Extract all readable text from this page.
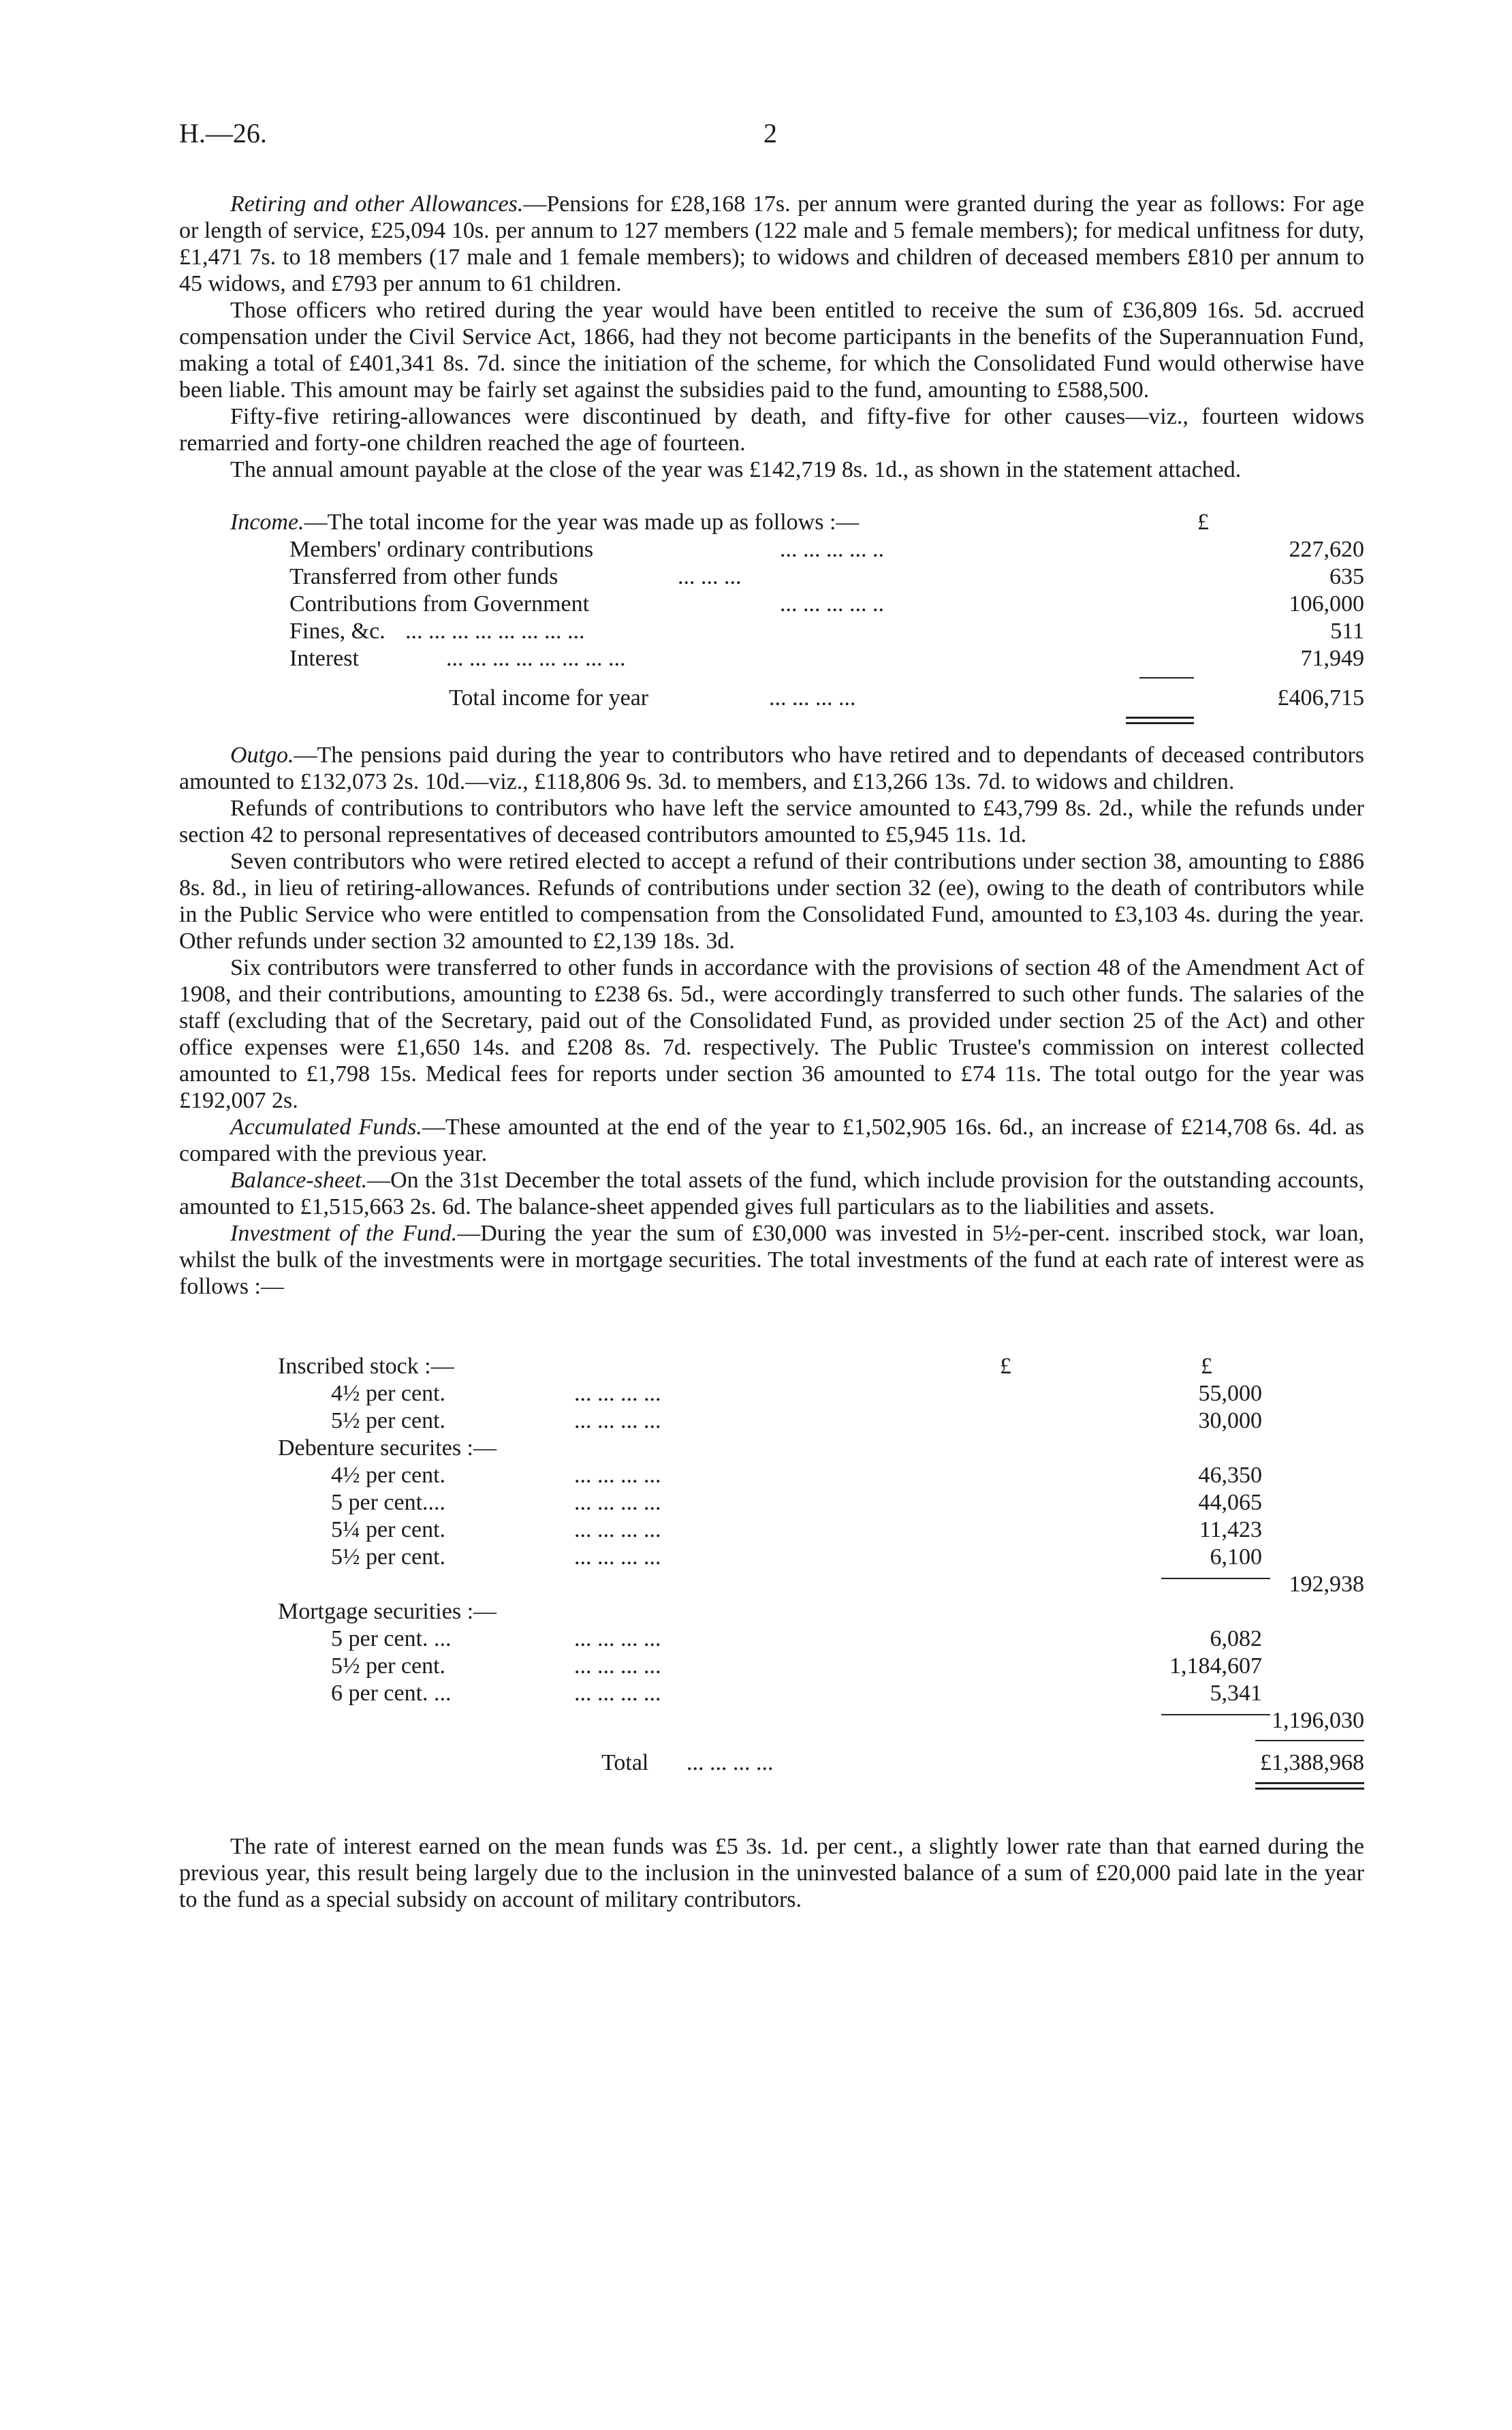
H.—26.	2

Retiring and other Allowances.—Pensions for £28,168 17s. per annum were granted during the year as follows: For age or length of service, £25,094 10s. per annum to 127 members (122 male and 5 female members); for medical unfitness for duty, £1,471 7s. to 18 members (17 male and 1 female members); to widows and children of deceased members £810 per annum to 45 widows, and £793 per annum to 61 children.

Those officers who retired during the year would have been entitled to receive the sum of £36,809 16s. 5d. accrued compensation under the Civil Service Act, 1866, had they not become participants in the benefits of the Superannuation Fund, making a total of £401,341 8s. 7d. since the initiation of the scheme, for which the Consolidated Fund would otherwise have been liable. This amount may be fairly set against the subsidies paid to the fund, amounting to £588,500.

Fifty-five retiring-allowances were discontinued by death, and fifty-five for other causes—viz., fourteen widows remarried and forty-one children reached the age of fourteen.

The annual amount payable at the close of the year was £142,719 8s. 1d., as shown in the statement attached.

Income. —The total income for the year was made up as follows :—	£
Members' ordinary contributions	... ... ... ... ..	227,620
Transferred from other funds	... ... ...	635
Contributions from Government	... ... ... ... ..	106,000
Fines, &c. ... ... ... ... ... ... ... ...	511
Interest	... ... ... ... ... ... ... ...	71,949
Total income for year	... ... ... ...	£406,715

Outgo.—The pensions paid during the year to contributors who have retired and to dependants of deceased contributors amounted to £132,073 2s. 10d.—viz., £118,806 9s. 3d. to members, and £13,266 13s. 7d. to widows and children.

Refunds of contributions to contributors who have left the service amounted to £43,799 8s. 2d., while the refunds under section 42 to personal representatives of deceased contributors amounted to £5,945 11s. 1d.

Seven contributors who were retired elected to accept a refund of their contributions under section 38, amounting to £886 8s. 8d., in lieu of retiring-allowances. Refunds of contributions under section 32 (ee), owing to the death of contributors while in the Public Service who were entitled to compensation from the Consolidated Fund, amounted to £3,103 4s. during the year. Other refunds under section 32 amounted to £2,139 18s. 3d.

Six contributors were transferred to other funds in accordance with the provisions of section 48 of the Amendment Act of 1908, and their contributions, amounting to £238 6s. 5d., were accordingly transferred to such other funds. The salaries of the staff (excluding that of the Secretary, paid out of the Consolidated Fund, as provided under section 25 of the Act) and other office expenses were £1,650 14s. and £208 8s. 7d. respectively. The Public Trustee's commission on interest collected amounted to £1,798 15s. Medical fees for reports under section 36 amounted to £74 11s. The total outgo for the year was £192,007 2s.

Accumulated Funds.—These amounted at the end of the year to £1,502,905 16s. 6d., an increase of £214,708 6s. 4d. as compared with the previous year.

Balance-sheet.—On the 31st December the total assets of the fund, which include provision for the outstanding accounts, amounted to £1,515,663 2s. 6d. The balance-sheet appended gives full particulars as to the liabilities and assets.

Investment of the Fund.—During the year the sum of £30,000 was invested in 5½-per-cent. inscribed stock, war loan, whilst the bulk of the investments were in mortgage securities. The total investments of the fund at each rate of interest were as follows :—

Inscribed stock :—	£	£
4½ per cent.	... ... ... ...	55,000
5½ per cent.	... ... ... ...	30,000
Debenture securites :—
4½ per cent.	... ... ... ...	46,350
5 per cent....	... ... ... ...	44,065
5¼ per cent.	... ... ... ...	11,423
5½ per cent.	... ... ... ...	6,100
192,938
Mortgage securities :—
5 per cent. ...	... ... ... ...	6,082
5½ per cent.	... ... ... ...	1,184,607
6 per cent. ...	... ... ... ...	5,341
1,196,030
Total ... ... ... ...	£1,388,968

The rate of interest earned on the mean funds was £5 3s. 1d. per cent., a slightly lower rate than that earned during the previous year, this result being largely due to the inclusion in the uninvested balance of a sum of £20,000 paid late in the year to the fund as a special subsidy on account of military contributors.
